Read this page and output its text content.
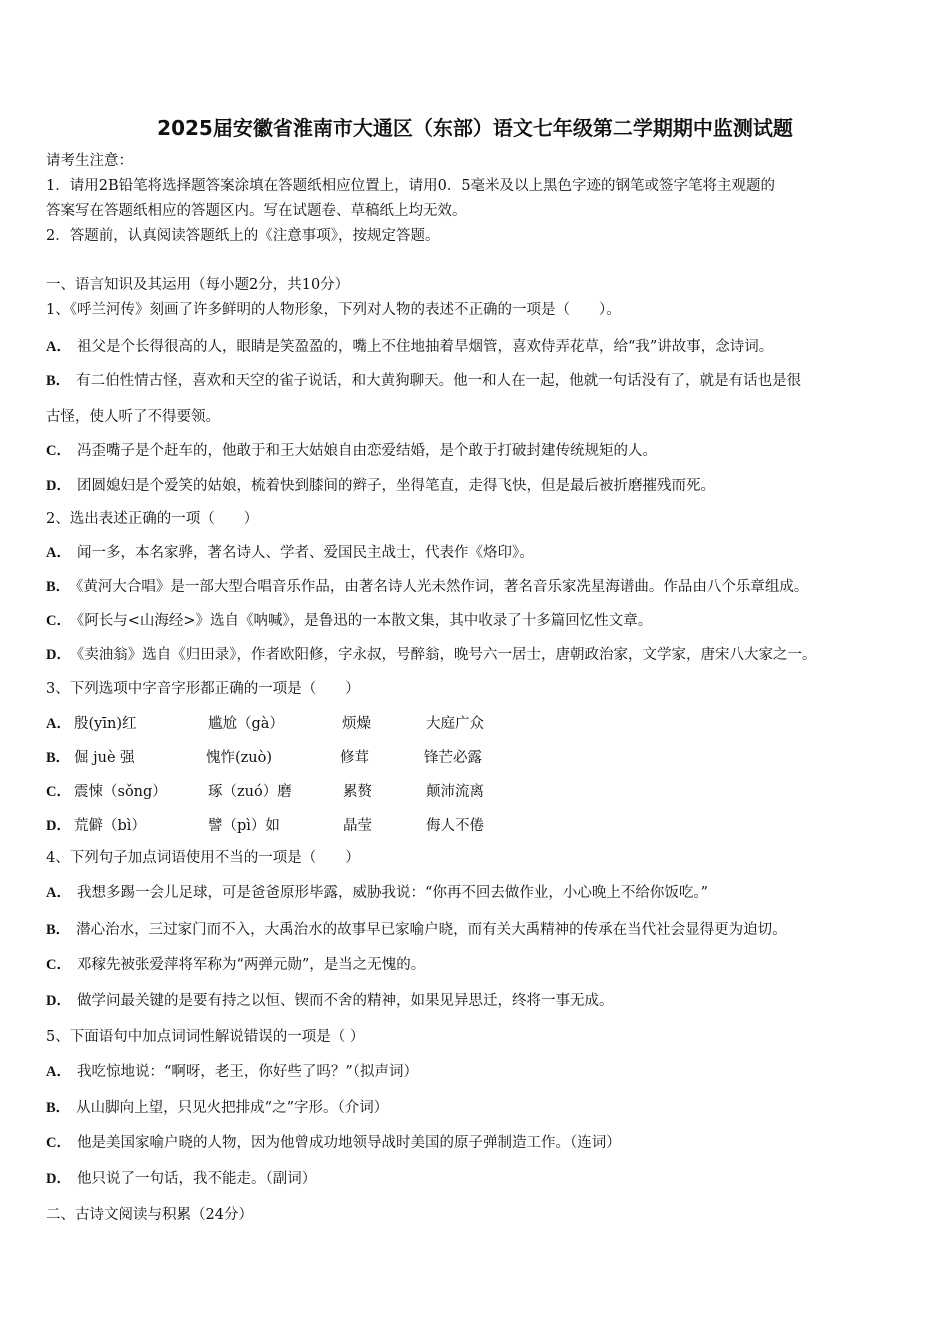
2025届安徽省淮南市大通区（东部）语文七年级第二学期期中监测试题
请考生注意：
1．请用2B铅笔将选择题答案涂填在答题纸相应位置上，请用0．5毫米及以上黑色字迹的钢笔或签字笔将主观题的
答案写在答题纸相应的答题区内。写在试题卷、草稿纸上均无效。
2．答题前，认真阅读答题纸上的《注意事项》，按规定答题。
一、语言知识及其运用（每小题2分，共10分）
1、《呼兰河传》刻画了许多鲜明的人物形象，下列对人物的表述不正确的一项是（　　）。
A． 祖父是个长得很高的人，眼睛是笑盈盈的，嘴上不住地抽着旱烟管，喜欢侍弄花草，给“我”讲故事，念诗词。
B． 有二伯性情古怪，喜欢和天空的雀子说话，和大黄狗聊天。他一和人在一起，他就一句话没有了，就是有话也是很
古怪，使人听了不得要领。
C． 冯歪嘴子是个赶车的，他敢于和王大姑娘自由恋爱结婚，是个敢于打破封建传统规矩的人。
D． 团圆媳妇是个爱笑的姑娘，梳着快到膝间的辫子，坐得笔直，走得飞快，但是最后被折磨摧残而死。
2、选出表述正确的一项（　　）
A． 闻一多，本名家骅，著名诗人、学者、爱国民主战士，代表作《烙印》。
B． 《黄河大合唱》是一部大型合唱音乐作品，由著名诗人光未然作词，著名音乐家冼星海谱曲。作品由八个乐章组成。
C． 《阿长与<山海经>》选自《呐喊》，是鲁迅的一本散文集，其中收录了十多篇回忆性文章。
D． 《卖油翁》选自《归田录》，作者欧阳修，字永叔，号醉翁，晚号六一居士，唐朝政治家，文学家，唐宋八大家之一。
3、下列选项中字音字形都正确的一项是（　　）
A． 殷(yīn)红	尴尬（gà）	烦燥	大庭广众
B． 倔 juè 强	愧怍(zuò)	修茸	锋芒必露
C． 震悚（sǒng）	琢（zuó）磨	累赘	颠沛流离
D． 荒僻（bì）	譬（pì）如	晶莹	侮人不倦
4、下列句子加点词语使用不当的一项是（　　）
A． 我想多踢一会儿足球，可是爸爸原形毕露，威胁我说：“你再不回去做作业，小心晚上不给你饭吃。”
B． 潜心治水，三过家门而不入，大禹治水的故事早已家喻户晓，而有关大禹精神的传承在当代社会显得更为迫切。
C． 邓稼先被张爱萍将军称为“两弹元勋”，是当之无愧的。
D． 做学问最关键的是要有持之以恒、锲而不舍的精神，如果见异思迁，终将一事无成。
5、下面语句中加点词词性解说错误的一项是（ ）
A． 我吃惊地说：“啊呀，老王，你好些了吗？”（拟声词）
B． 从山脚向上望，只见火把排成“之”字形。（介词）
C． 他是美国家喻户晓的人物，因为他曾成功地领导战时美国的原子弹制造工作。（连词）
D． 他只说了一句话，我不能走。（副词）
二、古诗文阅读与积累（24分）
